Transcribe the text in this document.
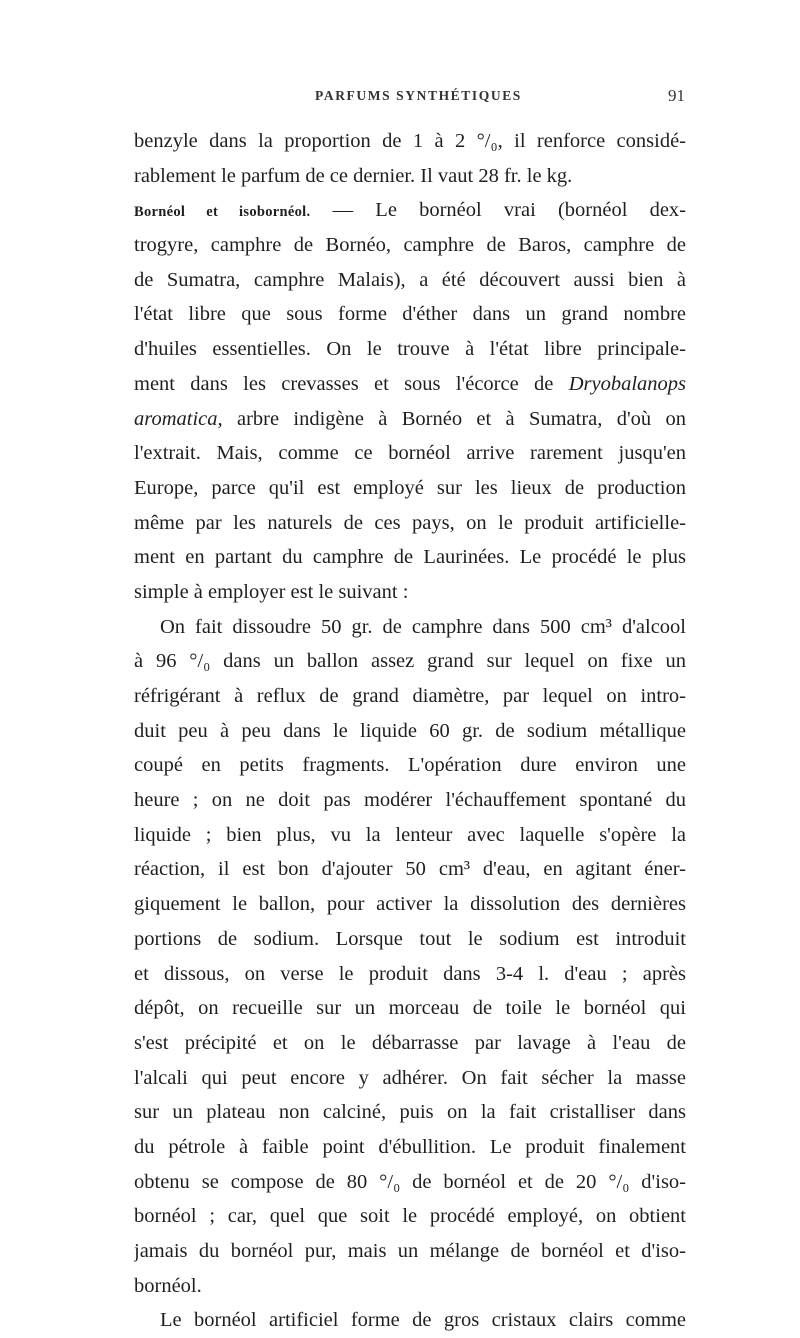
PARFUMS SYNTHÉTIQUES	91
benzyle dans la proportion de 1 à 2 °/₀, il renforce considé-
rablement le parfum de ce dernier. Il vaut 28 fr. le kg.
Bornéol et isobornéol. — Le bornéol vrai (bornéol dex-
trogyre, camphre de Bornéo, camphre de Baros, camphre de
de Sumatra, camphre Malais), a été découvert aussi bien à
l'état libre que sous forme d'éther dans un grand nombre
d'huiles essentielles. On le trouve à l'état libre principale-
ment dans les crevasses et sous l'écorce de Dryobalanops
aromatica, arbre indigène à Bornéo et à Sumatra, d'où on
l'extrait. Mais, comme ce bornéol arrive rarement jusqu'en
Europe, parce qu'il est employé sur les lieux de production
même par les naturels de ces pays, on le produit artificielle-
ment en partant du camphre de Laurinées. Le procédé le plus
simple à employer est le suivant :
On fait dissoudre 50 gr. de camphre dans 500 cm³ d'alcool
à 96 °/₀ dans un ballon assez grand sur lequel on fixe un
réfrigérant à reflux de grand diamètre, par lequel on intro-
duit peu à peu dans le liquide 60 gr. de sodium métallique
coupé en petits fragments. L'opération dure environ une
heure ; on ne doit pas modérer l'échauffement spontané du
liquide ; bien plus, vu la lenteur avec laquelle s'opère la
réaction, il est bon d'ajouter 50 cm³ d'eau, en agitant éner-
giquement le ballon, pour activer la dissolution des dernières
portions de sodium. Lorsque tout le sodium est introduit
et dissous, on verse le produit dans 3-4 l. d'eau ; après
dépôt, on recueille sur un morceau de toile le bornéol qui
s'est précipité et on le débarrasse par lavage à l'eau de
l'alcali qui peut encore y adhérer. On fait sécher la masse
sur un plateau non calciné, puis on la fait cristalliser dans
du pétrole à faible point d'ébullition. Le produit finalement
obtenu se compose de 80 °/₀ de bornéol et de 20 °/₀ d'iso-
bornéol ; car, quel que soit le procédé employé, on obtient
jamais du bornéol pur, mais un mélange de bornéol et d'iso-
bornéol.
Le bornéol artificiel forme de gros cristaux clairs comme
